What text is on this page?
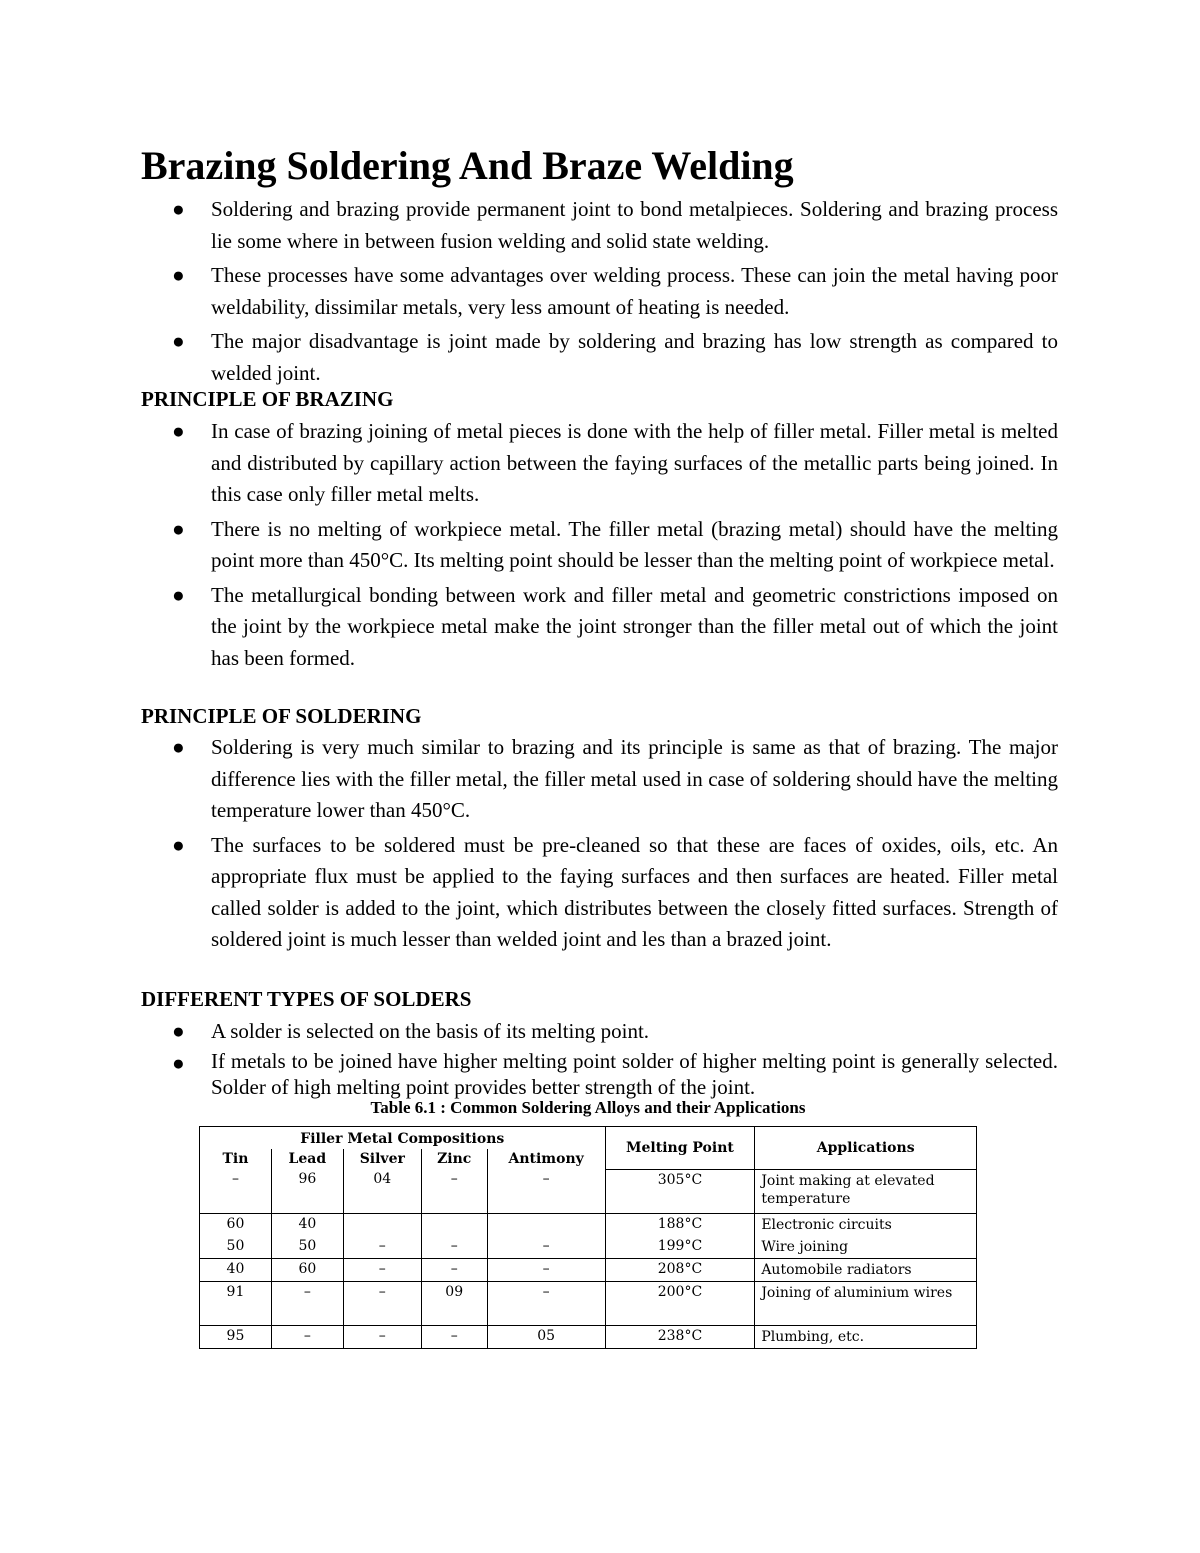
Brazing Soldering And Braze Welding
● Soldering and brazing provide permanent joint to bond metalpieces. Soldering and brazing process lie some where in between fusion welding and solid state welding.
● These processes have some advantages over welding process. These can join the metal having poor weldability, dissimilar metals, very less amount of heating is needed.
● The major disadvantage is joint made by soldering and brazing has low strength as compared to welded joint.
PRINCIPLE OF BRAZING
● In case of brazing joining of metal pieces is done with the help of filler metal. Filler metal is melted and distributed by capillary action between the faying surfaces of the metallic parts being joined. In this case only filler metal melts.
● There is no melting of workpiece metal. The filler metal (brazing metal) should have the melting point more than 450°C. Its melting point should be lesser than the melting point of workpiece metal.
● The metallurgical bonding between work and filler metal and geometric constrictions imposed on the joint by the workpiece metal make the joint stronger than the filler metal out of which the joint has been formed.
PRINCIPLE OF SOLDERING
● Soldering is very much similar to brazing and its principle is same as that of brazing. The major difference lies with the filler metal, the filler metal used in case of soldering should have the melting temperature lower than 450°C.
● The surfaces to be soldered must be pre-cleaned so that these are faces of oxides, oils, etc. An appropriate flux must be applied to the faying surfaces and then surfaces are heated. Filler metal called solder is added to the joint, which distributes between the closely fitted surfaces. Strength of soldered joint is much lesser than welded joint and les than a brazed joint.
DIFFERENT TYPES OF SOLDERS
● A solder is selected on the basis of its melting point.
● If metals to be joined have higher melting point solder of higher melting point is generally selected. Solder of high melting point provides better strength of the joint.
Table 6.1 : Common Soldering Alloys and their Applications
Filler Metal Compositions					Melting Point	Applications
Tin	Lead	Silver	Zinc	Antimony		
–	96	04	–	–	305°C	Joint making at elevated temperature
60	40				188°C	Electronic circuits
50	50	–	–	–	199°C	Wire joining
40	60	–	–	–	208°C	Automobile radiators
91	–	–	09	–	200°C	Joining of aluminium wires
95	–	–	–	05	238°C	Plumbing, etc.
